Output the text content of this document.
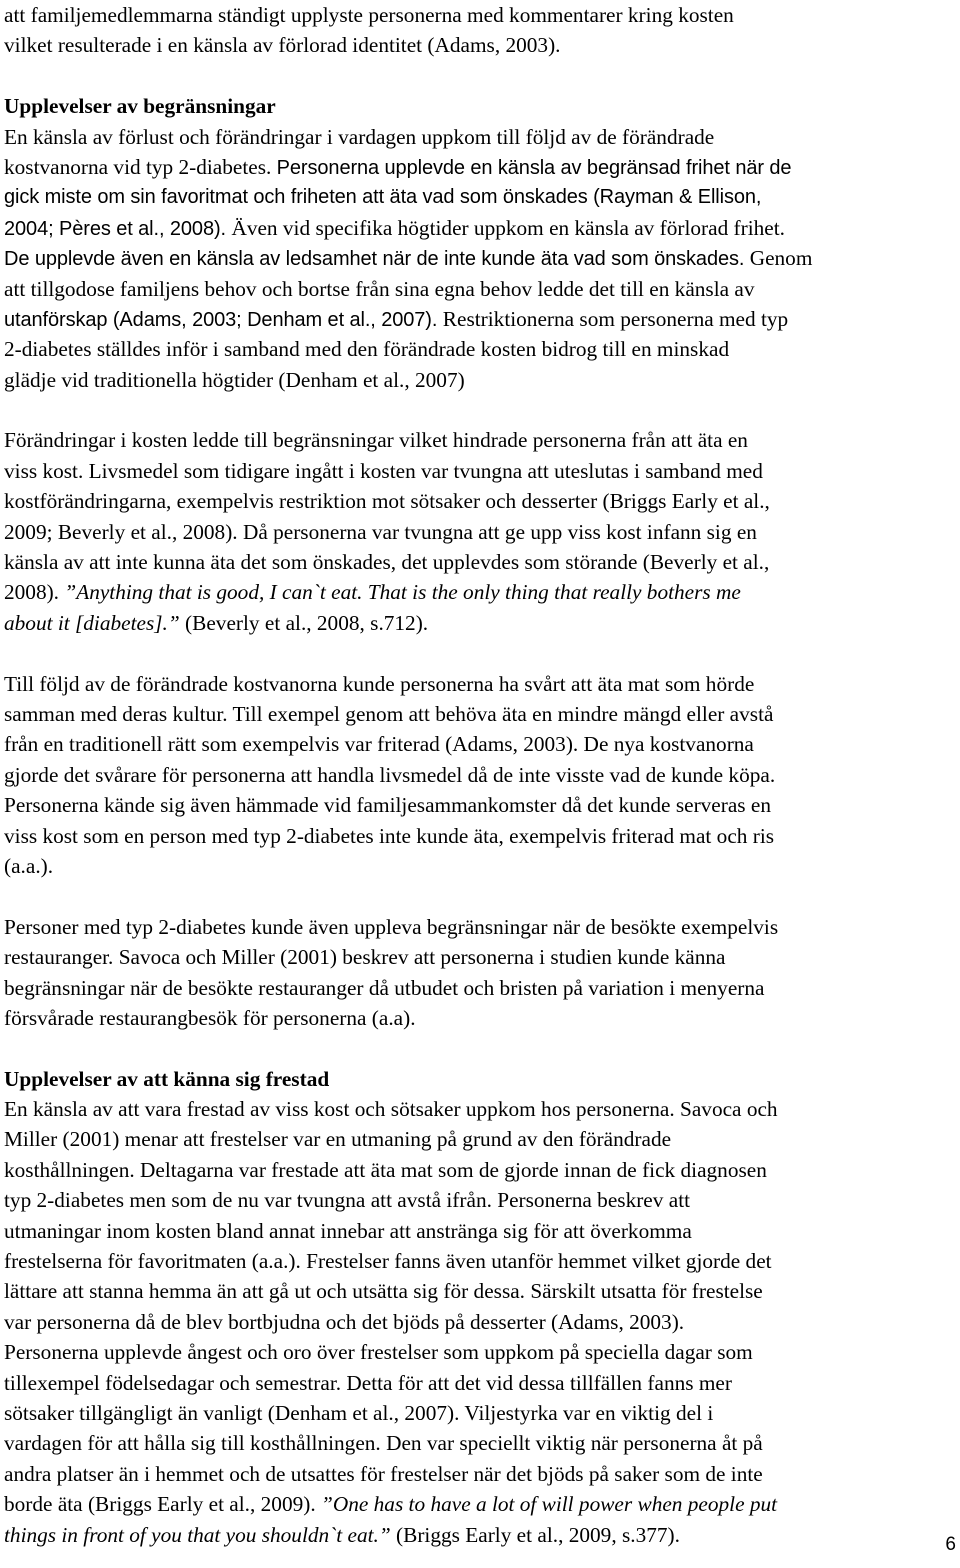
att familjemedlemmarna ständigt upplyste personerna med kommentarer kring kosten
vilket resulterade i en känsla av förlorad identitet (Adams, 2003).
Upplevelser av begränsningar
En känsla av förlust och förändringar i vardagen uppkom till följd av de förändrade
kostvanorna vid typ 2-diabetes. Personerna upplevde en känsla av begränsad frihet när de
gick miste om sin favoritmat och friheten att äta vad som önskades (Rayman & Ellison,
2004; Pères et al., 2008). Även vid specifika högtider uppkom en känsla av förlorad frihet.
De upplevde även en känsla av ledsamhet när de inte kunde äta vad som önskades. Genom
att tillgodose familjens behov och bortse från sina egna behov ledde det till en känsla av
utanförskap (Adams, 2003; Denham et al., 2007). Restriktionerna som personerna med typ
2-diabetes ställdes inför i samband med den förändrade kosten bidrog till en minskad
glädje vid traditionella högtider (Denham et al., 2007)
Förändringar i kosten ledde till begränsningar vilket hindrade personerna från att äta en
viss kost. Livsmedel som tidigare ingått i kosten var tvungna att uteslutas i samband med
kostförändringarna, exempelvis restriktion mot sötsaker och desserter (Briggs Early et al.,
2009; Beverly et al., 2008). Då personerna var tvungna att ge upp viss kost infann sig en
känsla av att inte kunna äta det som önskades, det upplevdes som störande (Beverly et al.,
2008). ”Anything that is good, I can`t eat. That is the only thing that really bothers me
about it [diabetes].” (Beverly et al., 2008, s.712).
Till följd av de förändrade kostvanorna kunde personerna ha svårt att äta mat som hörde
samman med deras kultur. Till exempel genom att behöva äta en mindre mängd eller avstå
från en traditionell rätt som exempelvis var friterad (Adams, 2003). De nya kostvanorna
gjorde det svårare för personerna att handla livsmedel då de inte visste vad de kunde köpa.
Personerna kände sig även hämmade vid familjesammankomster då det kunde serveras en
viss kost som en person med typ 2-diabetes inte kunde äta, exempelvis friterad mat och ris
(a.a.).
Personer med typ 2-diabetes kunde även uppleva begränsningar när de besökte exempelvis
restauranger. Savoca och Miller (2001) beskrev att personerna i studien kunde känna
begränsningar när de besökte restauranger då utbudet och bristen på variation i menyerna
försvårade restaurangbesök för personerna (a.a).
Upplevelser av att känna sig frestad
En känsla av att vara frestad av viss kost och sötsaker uppkom hos personerna. Savoca och
Miller (2001) menar att frestelser var en utmaning på grund av den förändrade
kosthållningen. Deltagarna var frestade att äta mat som de gjorde innan de fick diagnosen
typ 2-diabetes men som de nu var tvungna att avstå ifrån. Personerna beskrev att
utmaningar inom kosten bland annat innebar att anstränga sig för att överkomma
frestelserna för favoritmaten (a.a.). Frestelser fanns även utanför hemmet vilket gjorde det
lättare att stanna hemma än att gå ut och utsätta sig för dessa. Särskilt utsatta för frestelse
var personerna då de blev bortbjudna och det bjöds på desserter (Adams, 2003).
Personerna upplevde ångest och oro över frestelser som uppkom på speciella dagar som
tillexempel födelsedagar och semestrar. Detta för att det vid dessa tillfällen fanns mer
sötsaker tillgängligt än vanligt (Denham et al., 2007). Viljestyrka var en viktig del i
vardagen för att hålla sig till kosthållningen. Den var speciellt viktig när personerna åt på
andra platser än i hemmet och de utsattes för frestelser när det bjöds på saker som de inte
borde äta (Briggs Early et al., 2009). ”One has to have a lot of will power when people put
things in front of you that you shouldn`t eat.” (Briggs Early et al., 2009, s.377).	6
